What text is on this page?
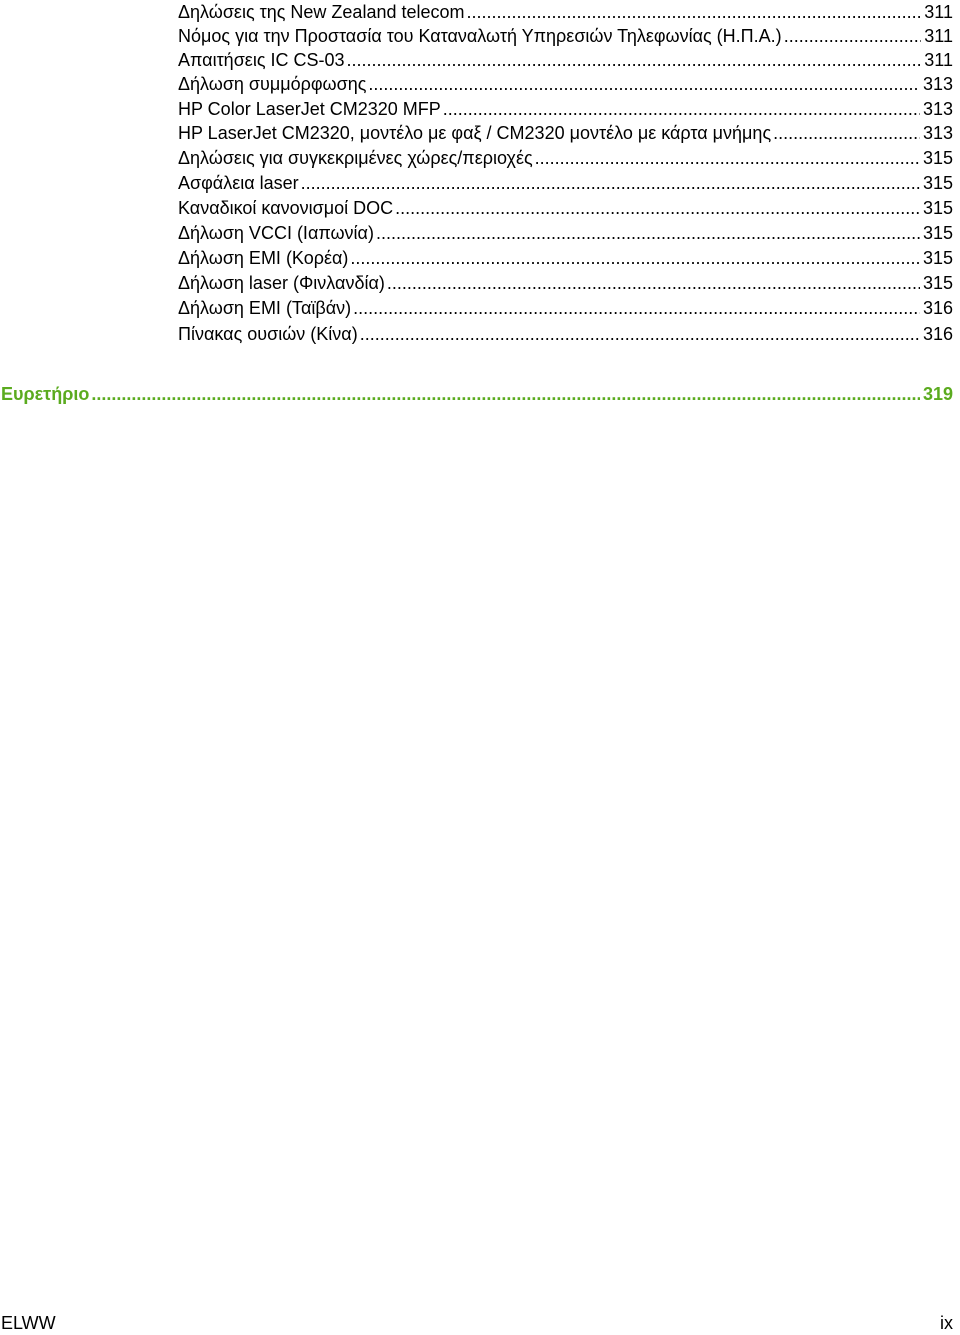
Δηλώσεις της New Zealand telecom .....	311
Νόμος για την Προστασία του Καταναλωτή Υπηρεσιών Τηλεφωνίας (Η.Π.Α.) .....	311
Απαιτήσεις IC CS-03 .....	311
Δήλωση συμμόρφωσης .....	313
HP Color LaserJet CM2320 MFP .....	313
HP LaserJet CM2320, μοντέλο με φαξ / CM2320 μοντέλο με κάρτα μνήμης .....	313
Δηλώσεις για συγκεκριμένες χώρες/περιοχές .....	315
Ασφάλεια laser .....	315
Καναδικοί κανονισμοί DOC .....	315
Δήλωση VCCI (Ιαπωνία) .....	315
Δήλωση EMI (Κορέα) .....	315
Δήλωση laser (Φινλανδία) .....	315
Δήλωση EMI (Ταϊβάν) .....	316
Πίνακας ουσιών (Κίνα) .....	316
Ευρετήριο .....	319
ELWW	ix
